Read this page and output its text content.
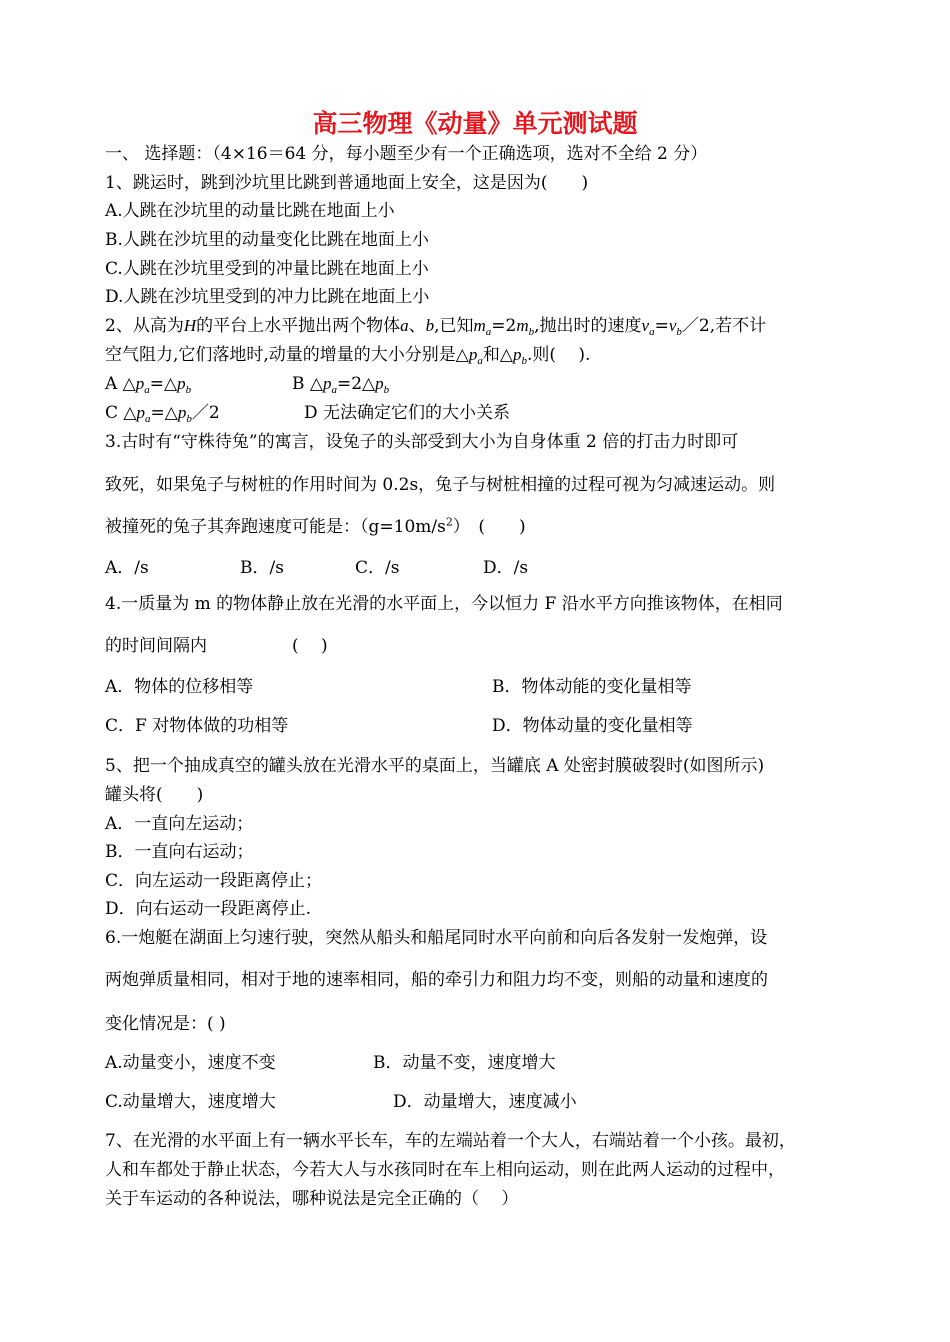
高三物理《动量》单元测试题
一、 选择题：（4×16＝64 分，每小题至少有一个正确选项，选对不全给 2 分）
1、跳运时，跳到沙坑里比跳到普通地面上安全，这是因为(　　)
A.人跳在沙坑里的动量比跳在地面上小
B.人跳在沙坑里的动量变化比跳在地面上小
C.人跳在沙坑里受到的冲量比跳在地面上小
D.人跳在沙坑里受到的冲力比跳在地面上小
2、从高为H的平台上水平抛出两个物体a、b,已知$m_a=2m_b$,抛出时的速度$v_a=v_b/2$,若不计
空气阻力,它们落地时,动量的增量的大小分别是$\triangle p_a$和$\triangle p_b$.则(　 ).
A $\triangle p_a=\triangle p_b$	B $\triangle p_a=2\triangle p_b$
C $\triangle p_a=\triangle p_b/2$	D 无法确定它们的大小关系
3.古时有“守株待兔”的寓言，设兔子的头部受到大小为自身体重 2 倍的打击力时即可
致死，如果兔子与树桩的作用时间为 0.2s，兔子与树桩相撞的过程可视为匀减速运动。则
被撞死的兔子其奔跑速度可能是：$(g=10m/s^2)$　(　　)
A．/s	B．/s	C．/s	D．/s
4.一质量为 m 的物体静止放在光滑的水平面上，今以恒力 F 沿水平方向推该物体，在相同
的时间间隔内　　　　　(　 )
A．物体的位移相等	B．物体动能的变化量相等
C．F 对物体做的功相等	D．物体动量的变化量相等
5、把一个抽成真空的罐头放在光滑水平的桌面上，当罐底 A 处密封膜破裂时(如图所示)
罐头将(　　)
A．一直向左运动；
B．一直向右运动；
C．向左运动一段距离停止；
D．向右运动一段距离停止.
6.一炮艇在湖面上匀速行驶，突然从船头和船尾同时水平向前和向后各发射一发炮弹，设
两炮弹质量相同，相对于地的速率相同，船的牵引力和阻力均不变，则船的动量和速度的
变化情况是：( )
A.动量变小，速度不变	B．动量不变，速度增大
C.动量增大，速度增大	D．动量增大，速度减小
7、在光滑的水平面上有一辆水平长车，车的左端站着一个大人，右端站着一个小孩。最初，
人和车都处于静止状态，今若大人与水孩同时在车上相向运动，则在此两人运动的过程中，
关于车运动的各种说法，哪种说法是完全正确的（　 ）
